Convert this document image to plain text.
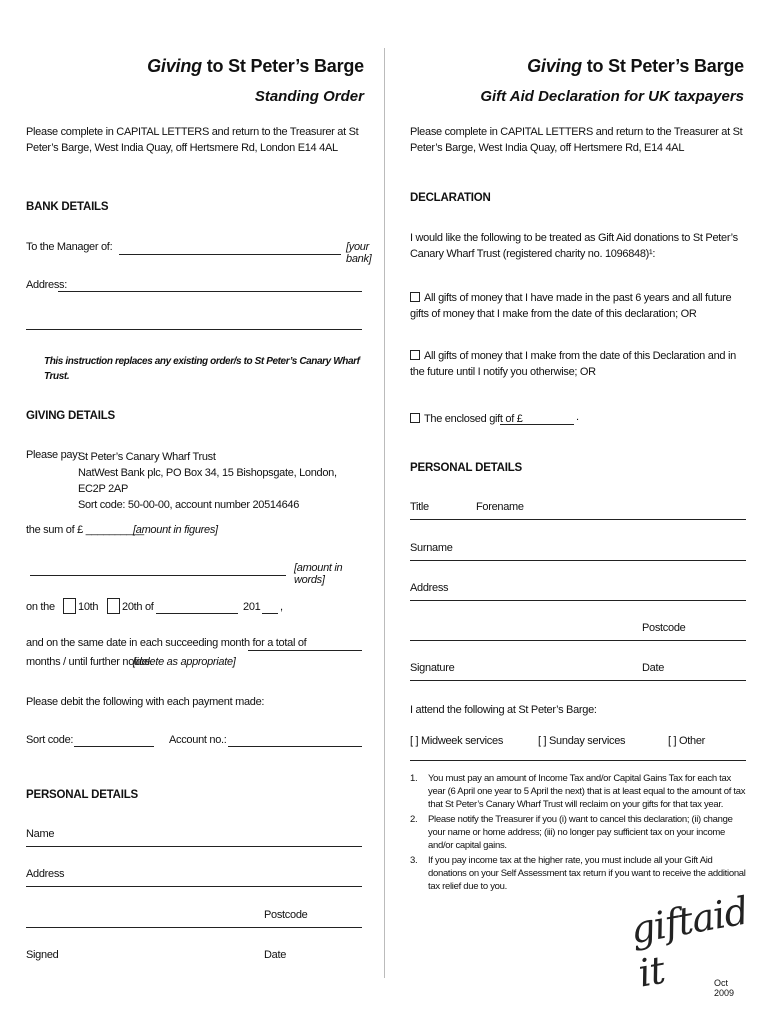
Giving to St Peter’s Barge
Standing Order
Please complete in CAPITAL LETTERS and return to the Treasurer at St Peter’s Barge, West India Quay, off Hertsmere Rd, London E14 4AL
BANK DETAILS
To the Manager of:	[your bank]
Address:
This instruction replaces any existing order/s to St Peter’s Canary Wharf Trust.
GIVING DETAILS
Please pay:
St Peter’s Canary Wharf Trust
NatWest Bank plc, PO Box 34, 15 Bishopsgate, London, EC2P 2AP
Sort code: 50-00-00, account number 20514646
the sum of £ __________
[amount in figures]
[amount in words]
on the 10th 20th of	201 ,
and on the same date in each succeeding month for a total of
months / until further notice.
[delete as appropriate]
Please debit the following with each payment made:
Sort code:	Account no.:
PERSONAL DETAILS
Name
Address
Postcode
Signed	Date
Giving to St Peter’s Barge
Gift Aid Declaration for UK taxpayers
Please complete in CAPITAL LETTERS and return to the Treasurer at St Peter’s Barge, West India Quay, off Hertsmere Rd, E14 4AL
DECLARATION
I would like the following to be treated as Gift Aid donations to St Peter’s Canary Wharf Trust (registered charity no. 1096848)¹:
All gifts of money that I have made in the past 6 years and all future gifts of money that I make from the date of this declaration; OR
All gifts of money that I make from the date of this Declaration and in the future until I notify you otherwise; OR
The enclosed gift of £	.
PERSONAL DETAILS
Title	Forename
Surname
Address
Postcode
Signature	Date
I attend the following at St Peter’s Barge:
[ ] Midweek services	[ ] Sunday services	[ ] Other
1. You must pay an amount of Income Tax and/or Capital Gains Tax for each tax year (6 April one year to 5 April the next) that is at least equal to the amount of tax that St Peter’s Canary Wharf Trust will reclaim on your gifts for that tax year.
2. Please notify the Treasurer if you (i) want to cancel this declaration; (ii) change your name or home address; (iii) no longer pay sufficient tax on your income and/or capital gains.
3. If you pay income tax at the higher rate, you must include all your Gift Aid donations on your Self Assessment tax return if you want to receive the additional tax relief due to you.
giftaid it	Oct 2009
